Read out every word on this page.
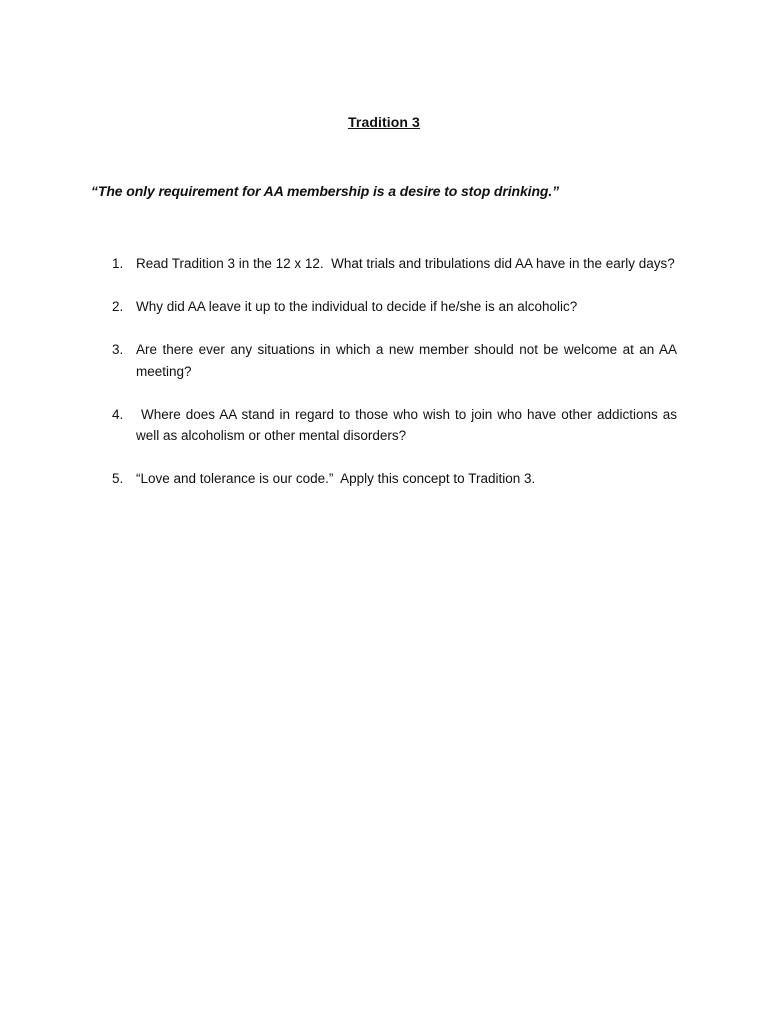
Tradition 3
“The only requirement for AA membership is a desire to stop drinking.”
1. Read Tradition 3 in the 12 x 12.  What trials and tribulations did AA have in the early days?
2. Why did AA leave it up to the individual to decide if he/she is an alcoholic?
3. Are there ever any situations in which a new member should not be welcome at an AA meeting?
4. Where does AA stand in regard to those who wish to join who have other addictions as well as alcoholism or other mental disorders?
5. “Love and tolerance is our code.”  Apply this concept to Tradition 3.
